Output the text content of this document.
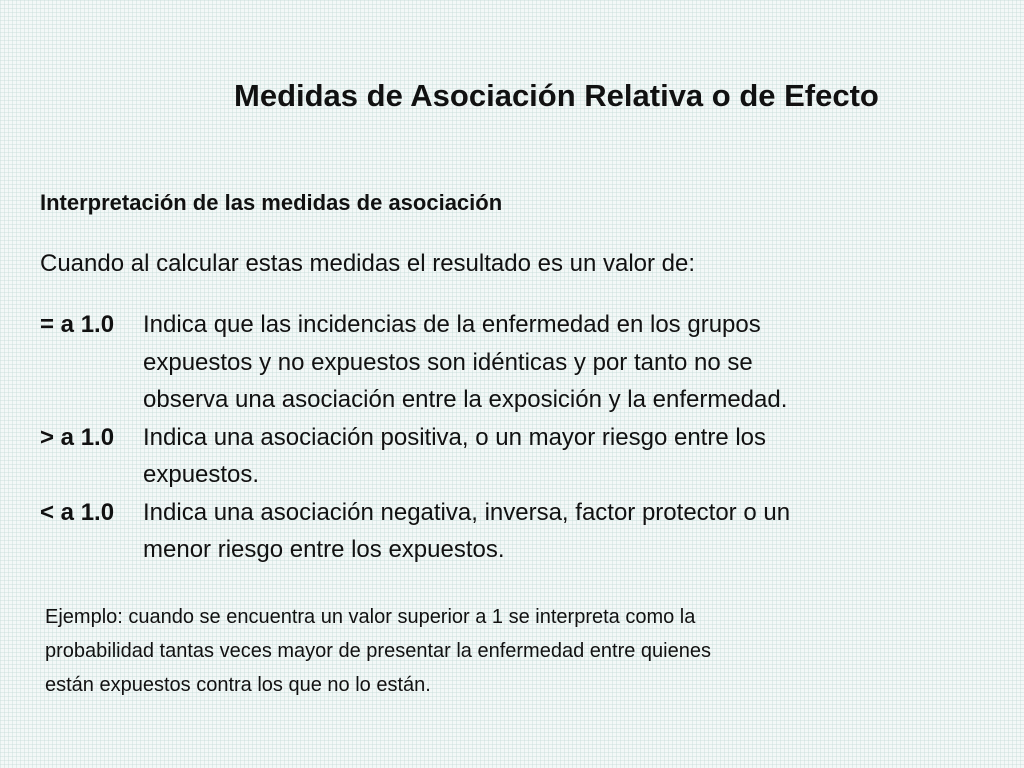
Medidas de Asociación Relativa o de Efecto
Interpretación de las medidas de asociación

Cuando al calcular estas medidas el resultado es un valor de:

= a 1.0	Indica que las incidencias de la enfermedad en los grupos
expuestos y no expuestos son idénticas y por tanto no se
observa una asociación entre la exposición y la enfermedad.
> a 1.0	Indica una asociación positiva, o un mayor riesgo entre los
expuestos.
< a 1.0	Indica una asociación negativa, inversa, factor protector o un
menor riesgo entre los expuestos.
Ejemplo: cuando se encuentra un valor superior a 1 se interpreta como la
probabilidad tantas veces mayor de presentar la enfermedad entre quienes
están expuestos contra los que no lo están.
